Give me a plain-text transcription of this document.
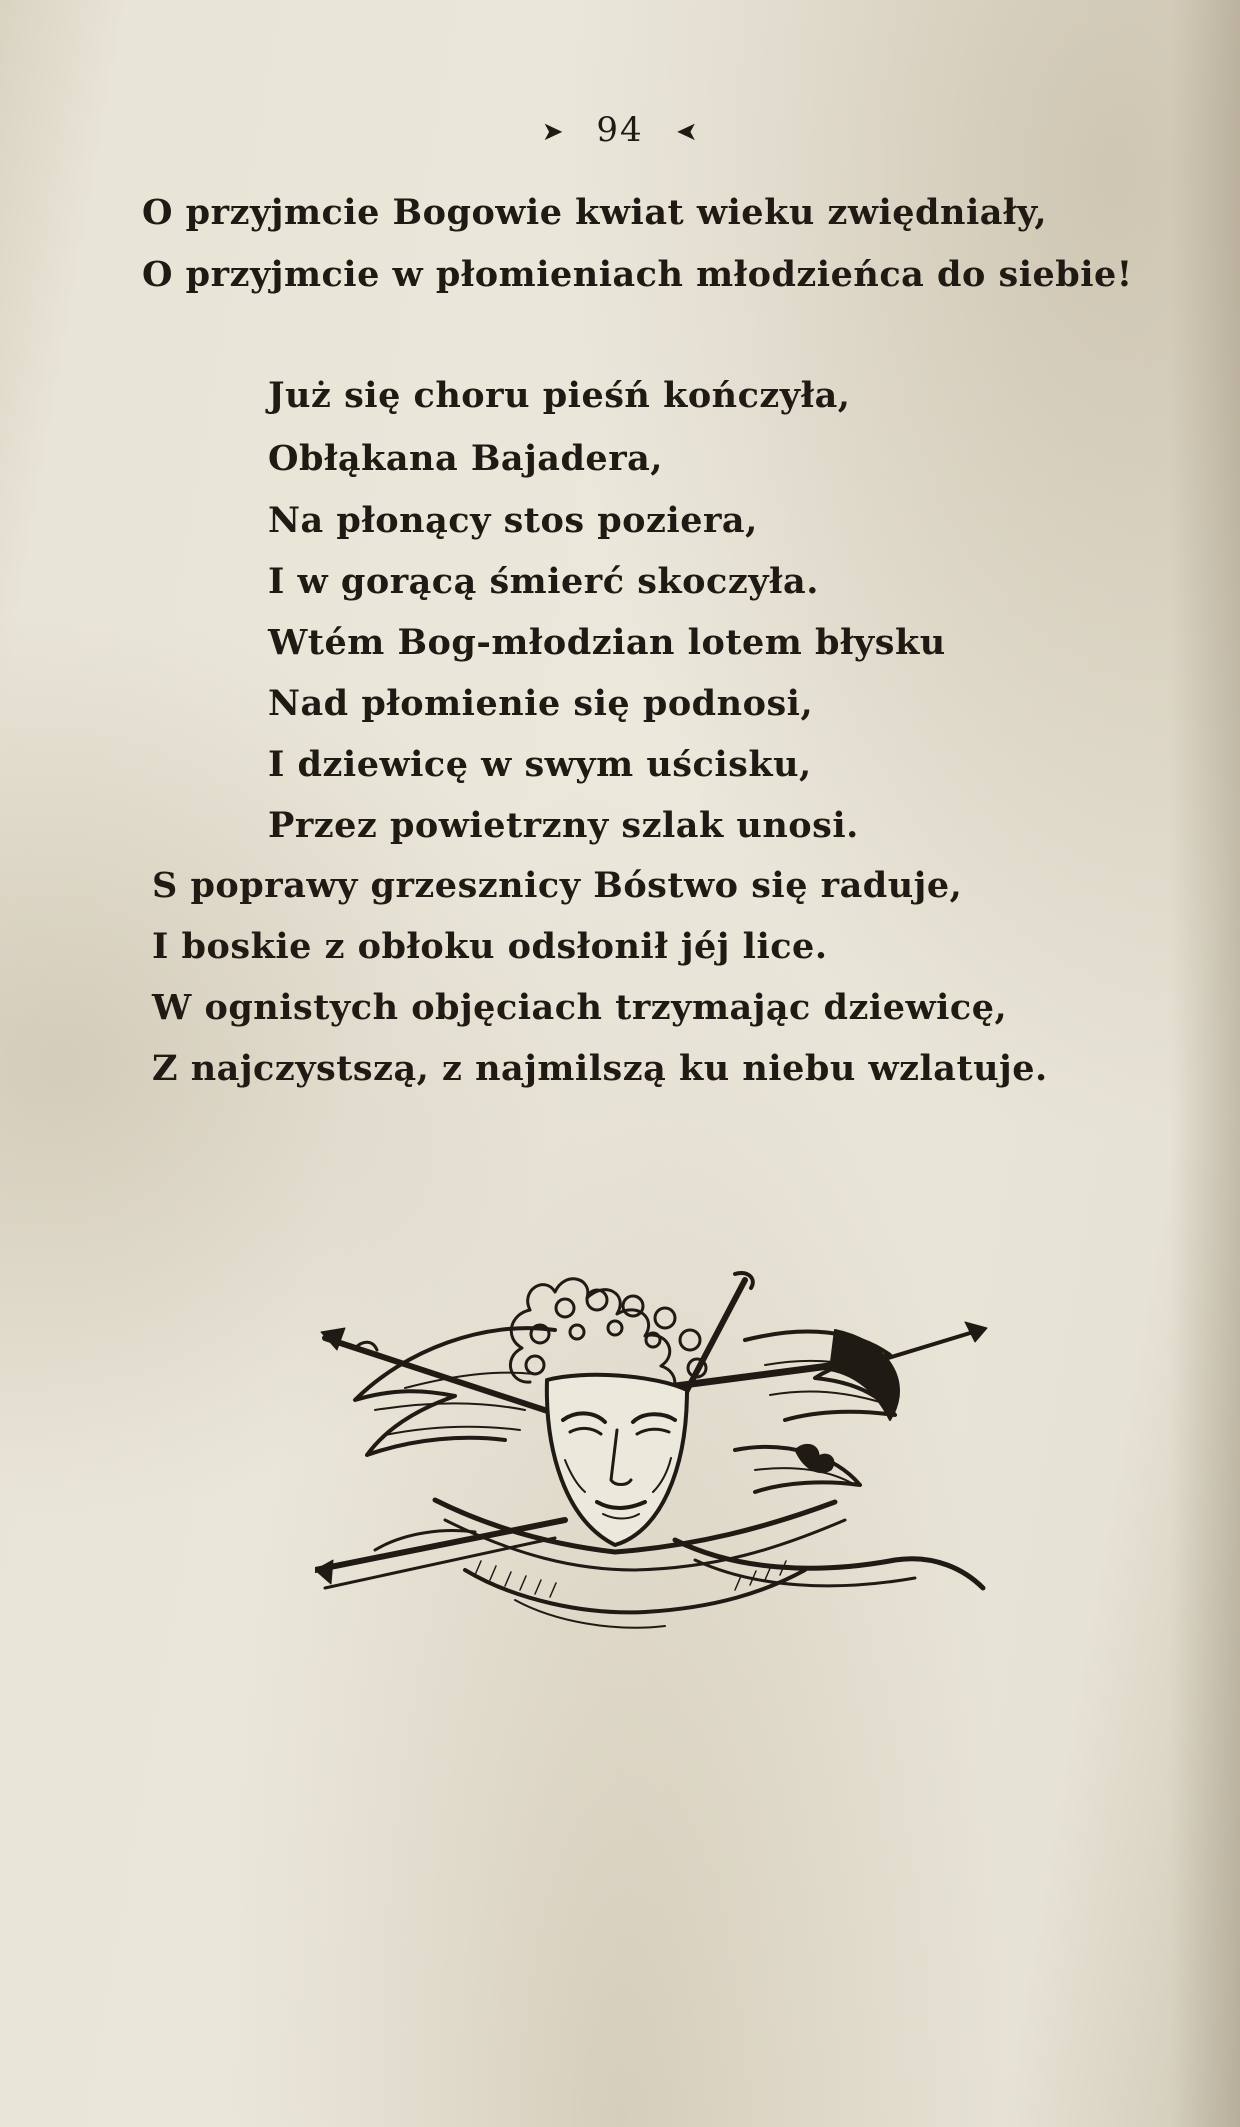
➤ 94 ➤
O przyjmcie Bogowie kwiat wieku zwiędniały,
O przyjmcie w płomieniach młodzieńca do siebie!
Już się choru pieśń kończyła,
Obłąkana Bajadera,
Na płonący stos poziera,
I w gorącą śmierć skoczyła.
Wtém Bog-młodzian lotem błysku
Nad płomienie się podnosi,
I dziewicę w swym uścisku,
Przez powietrzny szlak unosi.
S poprawy grzesznicy Bóstwo się raduje,
I boskie z obłoku odsłonił jéj lice.
W ognistych objęciach trzymając dziewicę,
Z najczystszą, z najmilszą ku niebu wzlatuje.
